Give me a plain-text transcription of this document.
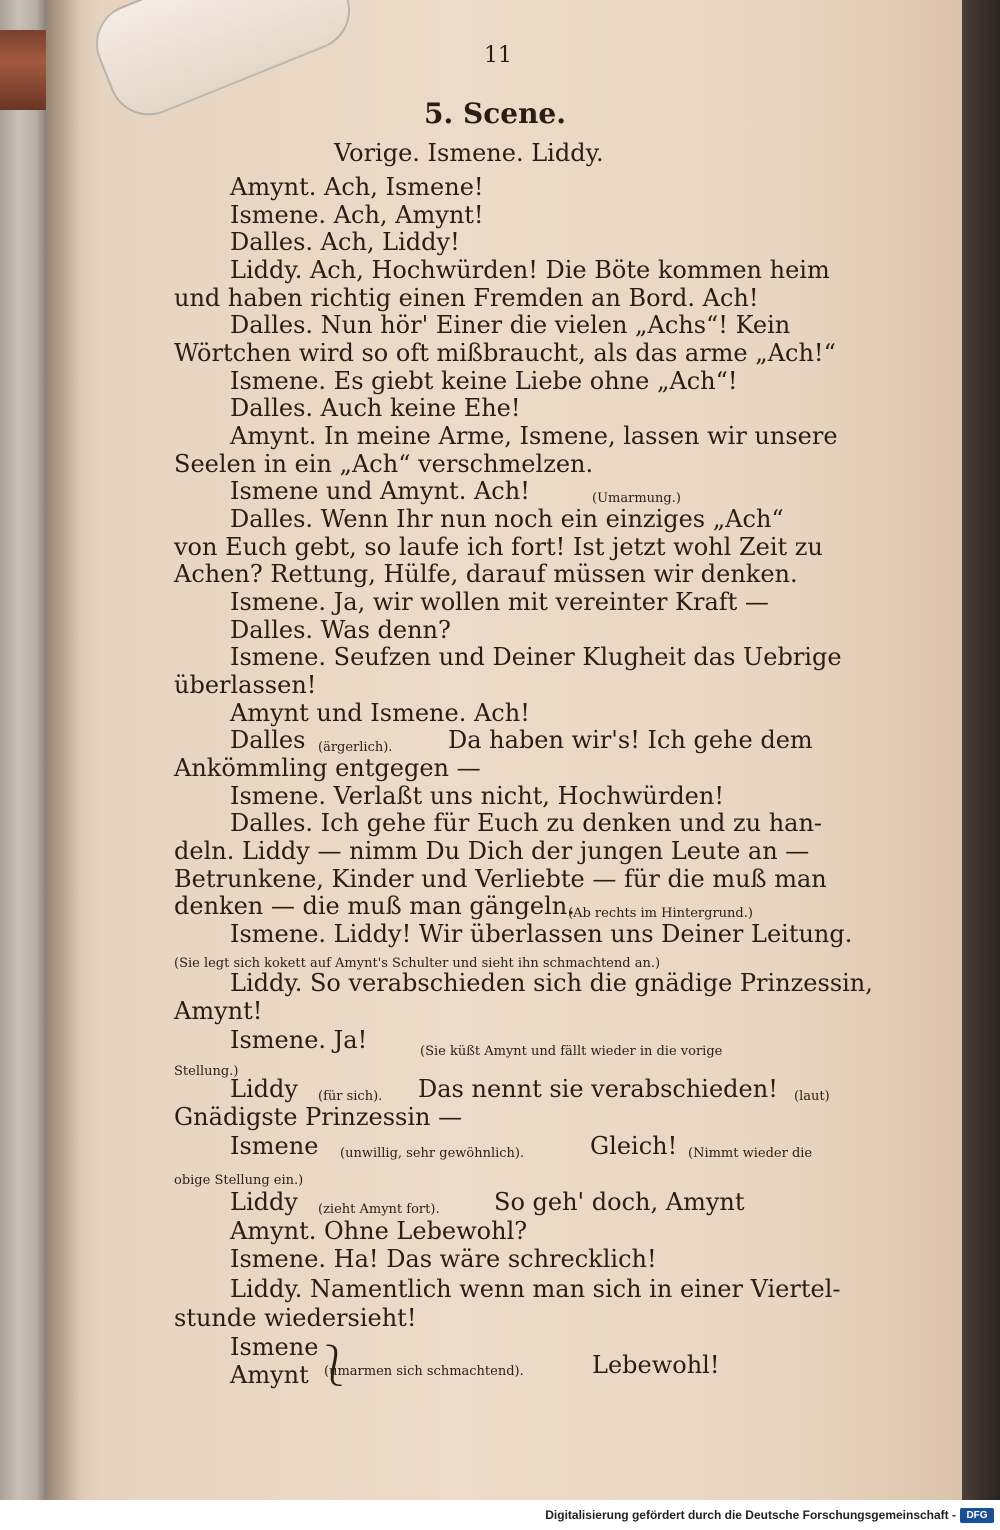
11
5. Scene.
Vorige. Ismene. Liddy.
Amynt. Ach, Ismene!
Ismene. Ach, Amynt!
Dalles. Ach, Liddy!
Liddy. Ach, Hochwürden! Die Böte kommen heim
und haben richtig einen Fremden an Bord. Ach!
Dalles. Nun hör' Einer die vielen „Achs“! Kein
Wörtchen wird so oft mißbraucht, als das arme „Ach!“
Ismene. Es giebt keine Liebe ohne „Ach“!
Dalles. Auch keine Ehe!
Amynt. In meine Arme, Ismene, lassen wir unsere
Seelen in ein „Ach“ verschmelzen.
Ismene und Amynt. Ach!	(Umarmung.)
Dalles. Wenn Ihr nun noch ein einziges „Ach“
von Euch gebt, so laufe ich fort! Ist jetzt wohl Zeit zu
Achen? Rettung, Hülfe, darauf müssen wir denken.
Ismene. Ja, wir wollen mit vereinter Kraft —
Dalles. Was denn?
Ismene. Seufzen und Deiner Klugheit das Uebrige
überlassen!
Amynt und Ismene. Ach!
Dalles (ärgerlich). Da haben wir's! Ich gehe dem
Ankömmling entgegen —
Ismene. Verlaßt uns nicht, Hochwürden!
Dalles. Ich gehe für Euch zu denken und zu han-
deln. Liddy — nimm Du Dich der jungen Leute an —
Betrunkene, Kinder und Verliebte — für die muß man
denken — die muß man gängeln.
(Ab rechts im Hintergrund.)
Ismene. Liddy! Wir überlassen uns Deiner Leitung.
(Sie legt sich kokett auf Amynt's Schulter und sieht ihn schmachtend an.)
Liddy. So verabschieden sich die gnädige Prinzessin,
Amynt!
Ismene. Ja!	(Sie küßt Amynt und fällt wieder in die vorige
Stellung.)
Liddy (für sich). Das nennt sie verabschieden! (laut)
Gnädigste Prinzessin —
Ismene (unwillig, sehr gewöhnlich).	Gleich! (Nimmt wieder die
obige Stellung ein.)
Liddy (zieht Amynt fort). So geh' doch, Amynt
Amynt. Ohne Lebewohl?
Ismene. Ha! Das wäre schrecklich!
Liddy. Namentlich wenn man sich in einer Viertel-
stunde wiedersieht!
Ismene
Amynt ⎱
(umarmen sich schmachtend).	Lebewohl!
Digitalisierung gefördert durch die Deutsche Forschungsgemeinschaft -	DFG
